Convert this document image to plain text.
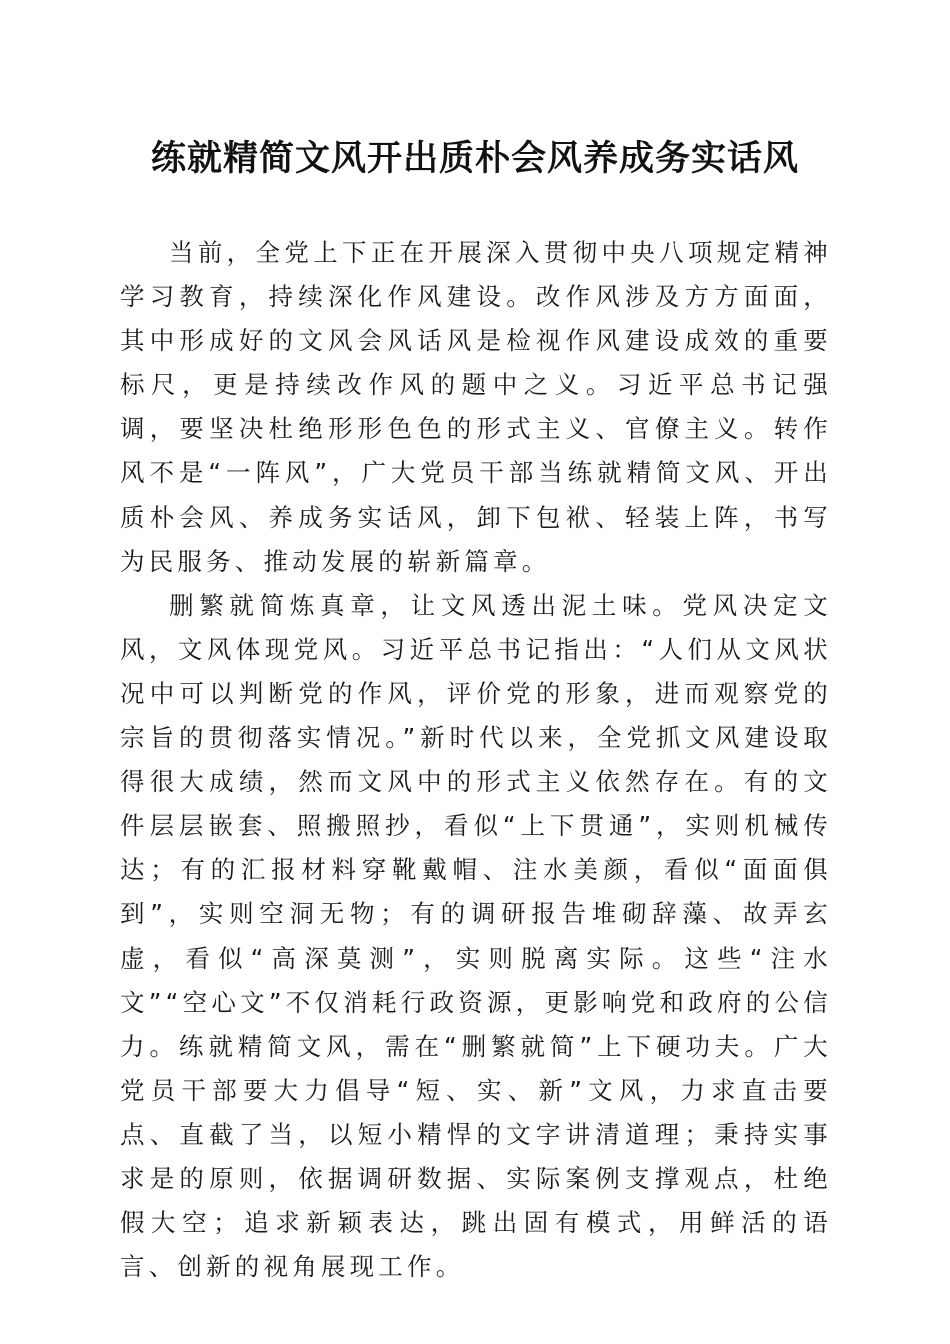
练就精简文风开出质朴会风养成务实话风

当前，全党上下正在开展深入贯彻中央八项规定精神学习教育，持续深化作风建设。改作风涉及方方面面，其中形成好的文风会风话风是检视作风建设成效的重要标尺，更是持续改作风的题中之义。习近平总书记强调，要坚决杜绝形形色色的形式主义、官僚主义。转作风不是“一阵风”，广大党员干部当练就精简文风、开出质朴会风、养成务实话风，卸下包袱、轻装上阵，书写为民服务、推动发展的崭新篇章。

删繁就简炼真章，让文风透出泥土味。党风决定文风，文风体现党风。习近平总书记指出：“人们从文风状况中可以判断党的作风，评价党的形象，进而观察党的宗旨的贯彻落实情况。”新时代以来，全党抓文风建设取得很大成绩，然而文风中的形式主义依然存在。有的文件层层嵌套、照搬照抄，看似“上下贯通”，实则机械传达；有的汇报材料穿靴戴帽、注水美颜，看似“面面俱到”，实则空洞无物；有的调研报告堆砌辞藻、故弄玄虚，看似“高深莫测”，实则脱离实际。这些“注水文”“空心文”不仅消耗行政资源，更影响党和政府的公信力。练就精简文风，需在“删繁就简”上下硬功夫。广大党员干部要大力倡导“短、实、新”文风，力求直击要点、直截了当，以短小精悍的文字讲清道理；秉持实事求是的原则，依据调研数据、实际案例支撑观点，杜绝假大空；追求新颖表达，跳出固有模式，用鲜活的语言、创新的视角展现工作。
